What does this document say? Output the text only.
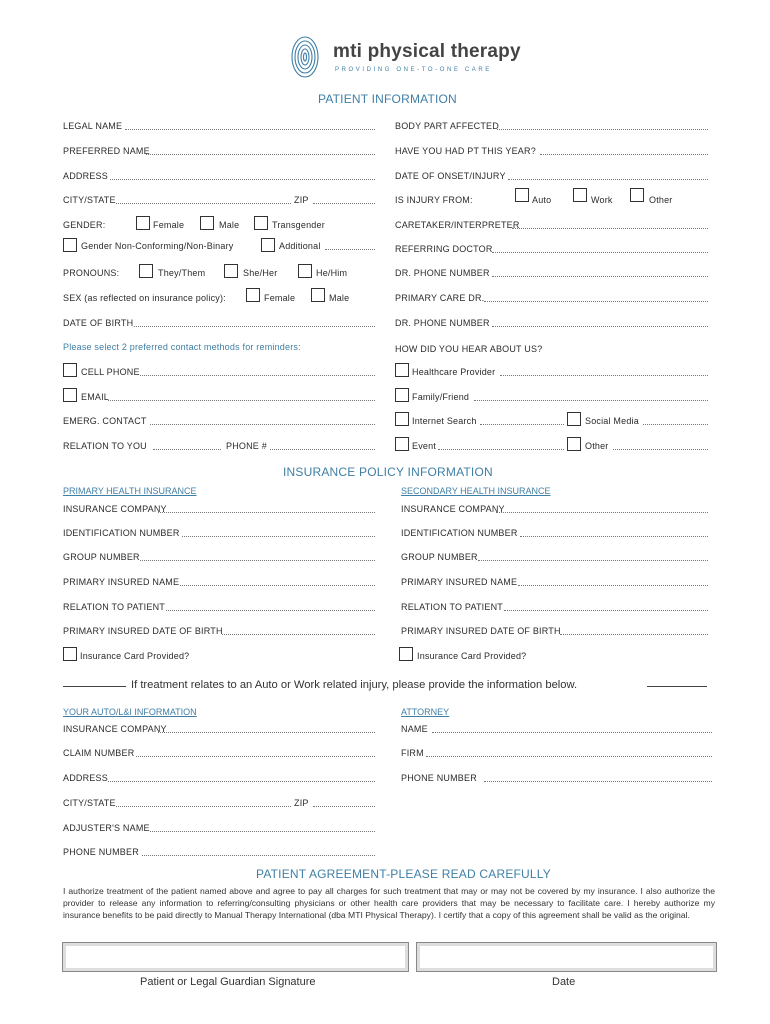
mti physical therapy
PROVIDING ONE-TO-ONE CARE
PATIENT INFORMATION
LEGAL NAME
PREFERRED NAME
ADDRESS
CITY/STATE	ZIP
GENDER:	Female	Male	Transgender
Gender Non-Conforming/Non-Binary	Additional
PRONOUNS:	They/Them	She/Her	He/Him
SEX (as reflected on insurance policy):	Female	Male
DATE OF BIRTH
Please select 2 preferred contact methods for reminders:
CELL PHONE
EMAIL
EMERG. CONTACT
RELATION TO YOU	PHONE #
BODY PART AFFECTED
HAVE YOU HAD PT THIS YEAR?
DATE OF ONSET/INJURY
IS INJURY FROM:	Auto	Work	Other
CARETAKER/INTERPRETER
REFERRING DOCTOR
DR. PHONE NUMBER
PRIMARY CARE DR.
DR. PHONE NUMBER
HOW DID YOU HEAR ABOUT US?
Healthcare Provider
Family/Friend
Internet Search	Social Media
Event	Other
INSURANCE POLICY INFORMATION
PRIMARY HEALTH INSURANCE	SECONDARY HEALTH INSURANCE
INSURANCE COMPANY
IDENTIFICATION NUMBER
GROUP NUMBER
PRIMARY INSURED NAME
RELATION TO PATIENT
PRIMARY INSURED DATE OF BIRTH
Insurance Card Provided?
INSURANCE COMPANY
IDENTIFICATION NUMBER
GROUP NUMBER
PRIMARY INSURED NAME
RELATION TO PATIENT
PRIMARY INSURED DATE OF BIRTH
Insurance Card Provided?
If treatment relates to an Auto or Work related injury, please provide the information below.
YOUR AUTO/L&I INFORMATION	ATTORNEY
INSURANCE COMPANY
CLAIM NUMBER
ADDRESS
CITY/STATE	ZIP
ADJUSTER'S NAME
PHONE NUMBER
NAME
FIRM
PHONE NUMBER
PATIENT AGREEMENT-PLEASE READ CAREFULLY
I authorize treatment of the patient named above and agree to pay all charges for such treatment that may or may not be covered by my insurance. I also authorize the provider to release any information to referring/consulting physicians or other health care providers that may be necessary to facilitate care. I hereby authorize my insurance benefits to be paid directly to Manual Therapy International (dba MTI Physical Therapy). I certify that a copy of this agreement shall be valid as the original.
Patient or Legal Guardian Signature	Date
